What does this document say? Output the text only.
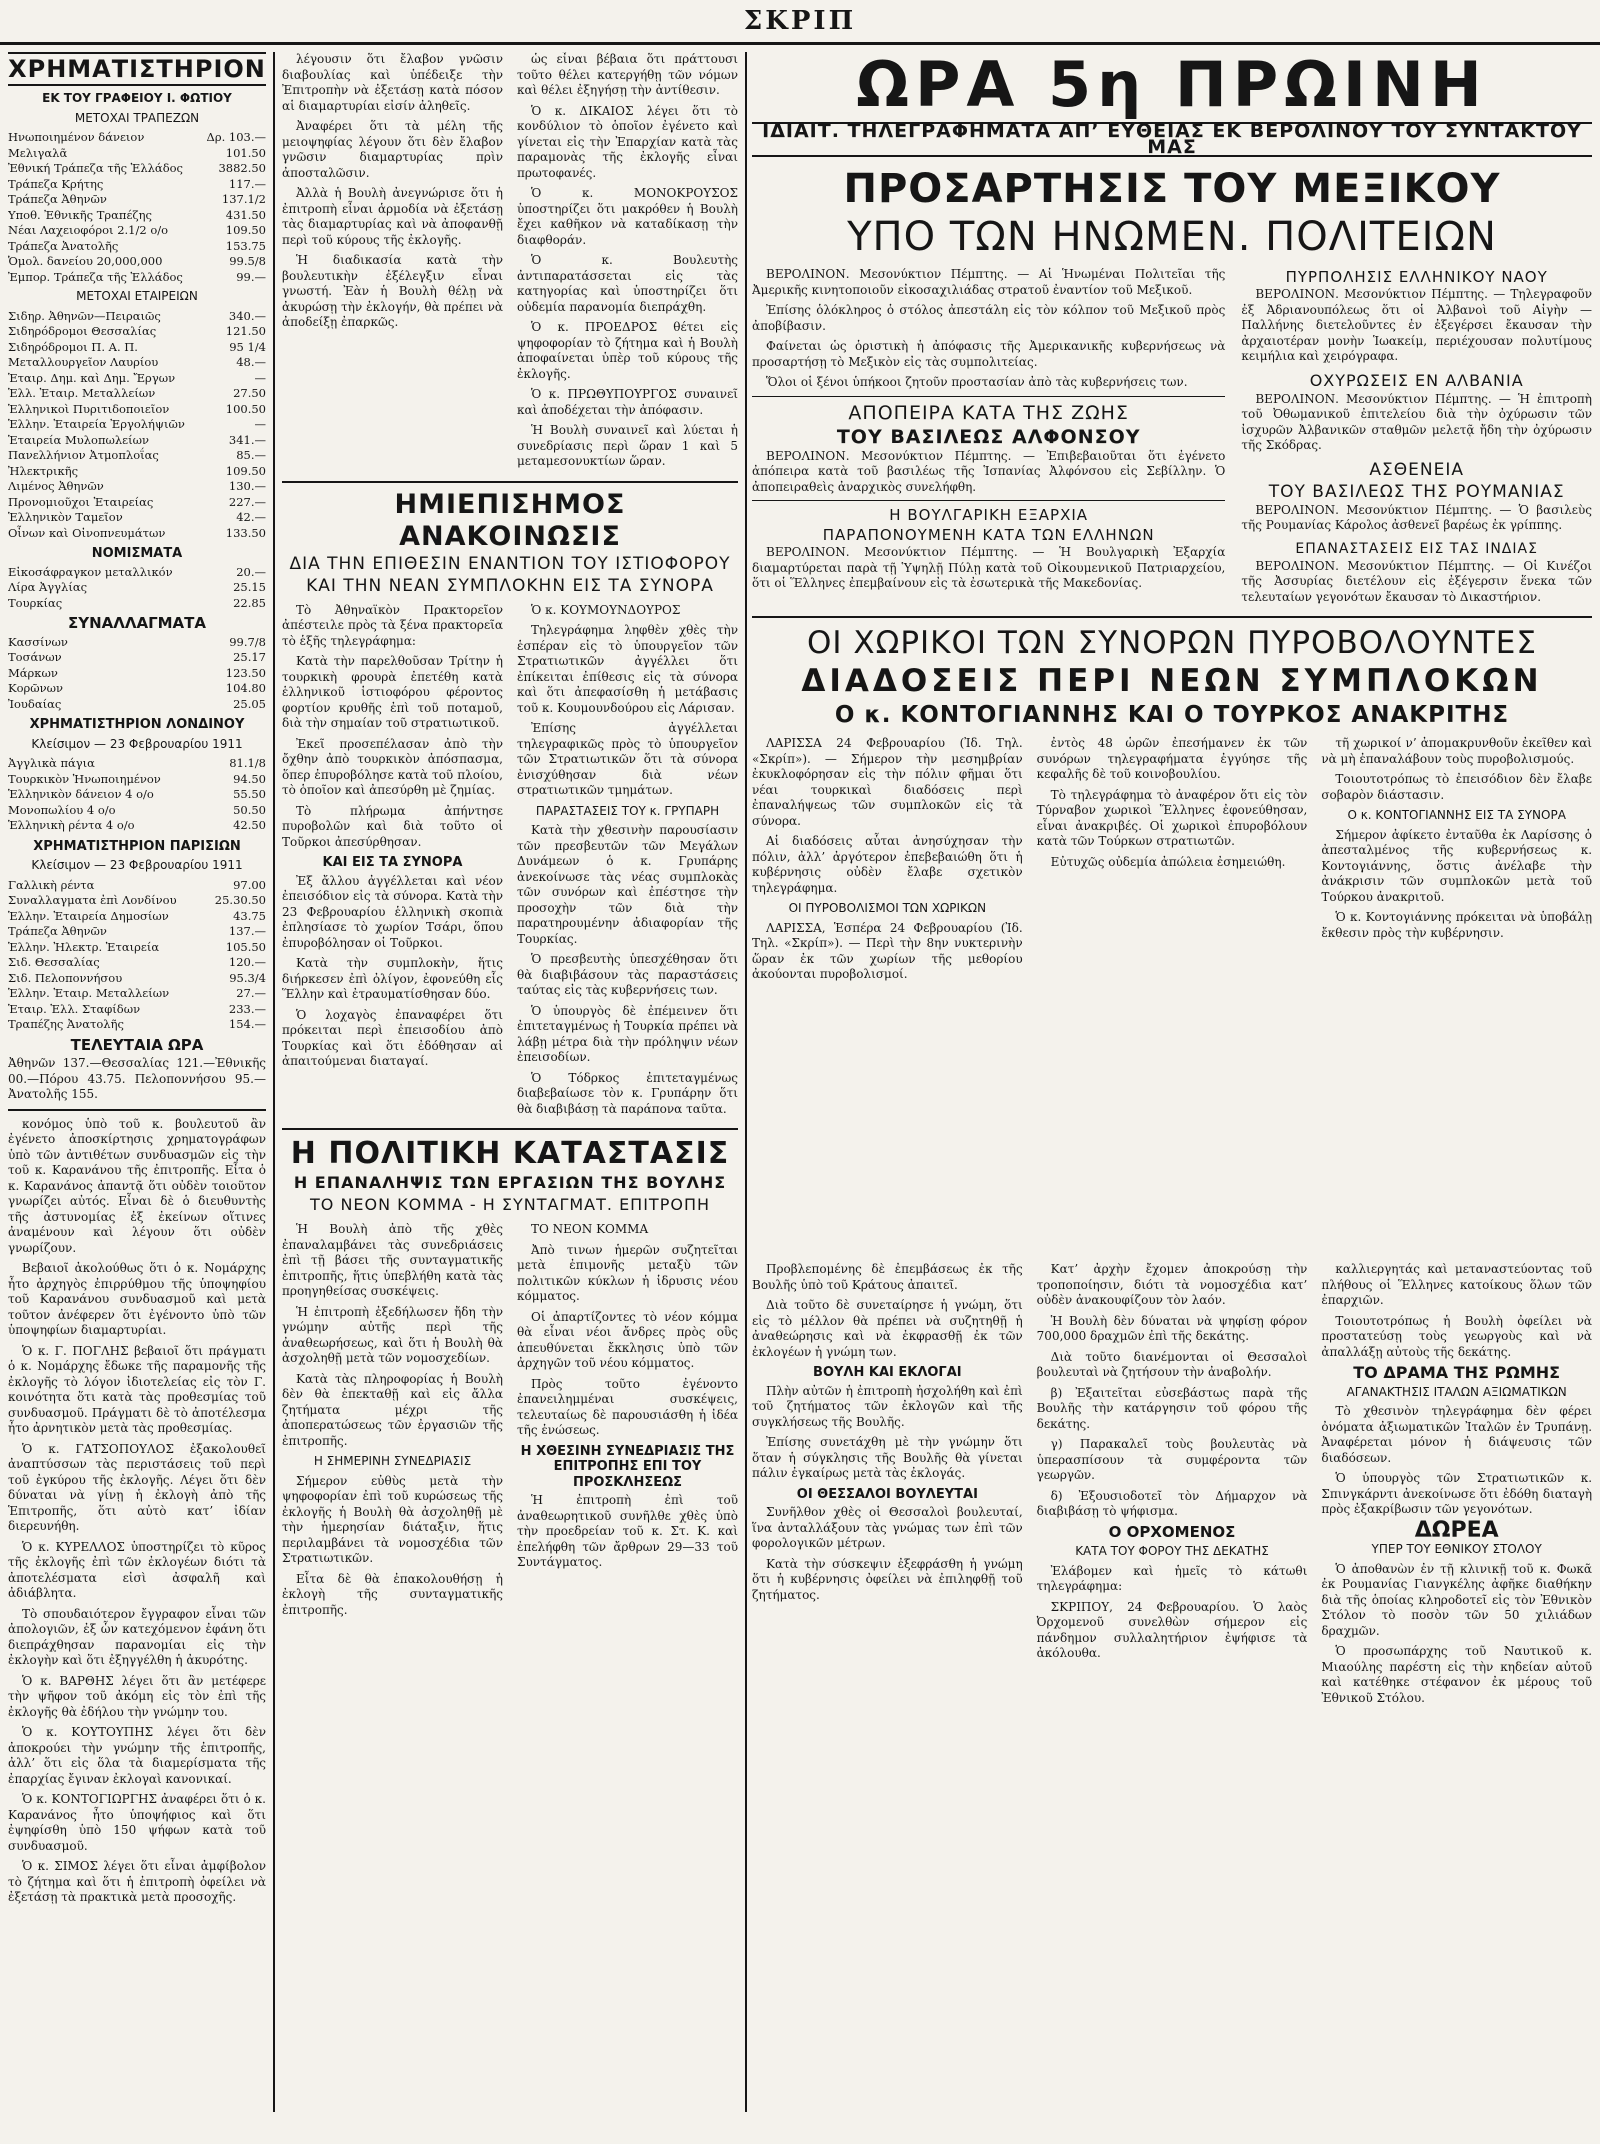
ΣΚΡΙΠ
ΧΡΗΜΑΤΙΣΤΗΡΙΟΝ
ΕΚ ΤΟΥ ΓΡΑΦΕΙΟΥ Ι. ΦΩΤΙΟΥ
ΜΕΤΟΧΑΙ ΤΡΑΠΕΖΩΝ
Ηνωποιημένον δάνειον	Δρ. 103.—
Μελιγαλᾶ	101.50
Ἐθνική Τράπεζα τῆς Ἑλλάδος	3882.50
Τράπεζα Κρήτης	117.—
Τράπεζα Ἀθηνῶν	137.1/2
Υποθ. Ἐθνικῆς Τραπέζης	431.50
Νέαι Λαχειοφόροι 2.1/2 ο/ο	109.50
Τράπεζα Ἀνατολῆς	153.75
Ὁμολ. δανείου 20,000,000	99.5/8
Ἐμπορ. Τράπεζα τῆς Ἑλλάδος	99.—
ΜΕΤΟΧΑΙ ΕΤΑΙΡΕΙΩΝ
Σιδηρ. Ἀθηνῶν—Πειραιῶς	340.—
Σιδηρόδρομοι Θεσσαλίας	121.50
Σιδηρόδρομοι Π. Α. Π.	95 1/4
Μεταλλουργεῖον Λαυρίου	48.—
Ἑταιρ. Δημ. καὶ Δημ. Ἔργων	—
Ἑλλ. Ἑταιρ. Μεταλλείων	27.50
Ἑλληνικοὶ Πυριτιδοποιεῖον	100.50
Ἑλλην. Ἑταιρεία Ἐργολήψιῶν	—
Ἑταιρεία Μυλοπωλείων	341.—
Πανελλήνιον Ἀτμοπλοΐας	85.—
Ἠλεκτρικῆς	109.50
Λιμένος Ἀθηνῶν	130.—
Προνομιοῦχοι Ἑταιρείας	227.—
Ἑλληνικὸν Ταμεῖον	42.—
Οἶνων καὶ Οἰνοπνευμάτων	133.50
ΝΟΜΙΣΜΑΤΑ
Εἰκοσάφραγκον μεταλλικόν	20.—
Λίρα Ἀγγλίας	25.15
Τουρκίας	22.85
ΣΥΝΑΛΛΑΓΜΑΤΑ
Κασσίνων	99.7/8
Τοσάνων	25.17
Μάρκων	123.50
Κορῶνων	104.80
Ἰουδαίας	25.05
ΧΡΗΜΑΤΙΣΤΗΡΙΟΝ ΛΟΝΔΙΝΟΥ
Κλείσιμον — 23 Φεβρουαρίου 1911
Ἀγγλικὰ πάγια	81.1/8
Τουρκικὸν Ἡνωποιημένον	94.50
Ἑλληνικὸν δάνειον 4 ο/ο	55.50
Μονοπωλίου 4 ο/ο	50.50
Ἑλληνικὴ ρέντα 4 ο/ο	42.50
ΧΡΗΜΑΤΙΣΤΗΡΙΟΝ ΠΑΡΙΣΙΩΝ
Κλείσιμον — 23 Φεβρουαρίου 1911
Γαλλικὴ ρέντα	97.00
Συναλλαγματα ἐπὶ Λονδίνου	25.30.50
Ἑλλην. Ἑταιρεία Δημοσίων	43.75
Τράπεζα Ἀθηνῶν	137.—
Ἑλλην. Ἠλεκτρ. Ἑταιρεία	105.50
Σιδ. Θεσσαλίας	120.—
Σιδ. Πελοποννήσου	95.3/4
Ἑλλην. Ἑταιρ. Μεταλλείων	27.—
Ἑταιρ. Ἑλλ. Σταφίδων	233.—
Τραπέζης Ἀνατολῆς	154.—
ΤΕΛΕΥΤΑΙΑ ΩΡΑ

Ἀθηνῶν 137.—Θεσσαλίας 121.—Ἐθνικῆς 00.—Πόρου 43.75. Πελοποννήσου 95.—Ἀνατολῆς 155.

κονόμος ὑπὸ τοῦ κ. βουλευτοῦ ἂν ἐγένετο ἀποσκίρτησις χρηματογράφων ὑπὸ τῶν ἀντιθέτων συνδυασμῶν εἰς τὴν τοῦ κ. Καρανάνου τῆς ἐπιτροπῆς. Εἶτα ὁ κ. Καρανάνος ἀπαντᾷ ὅτι οὐδὲν τοιοῦτον γνωρίζει αὐτός. Εἶναι δὲ ὁ διευθυντὴς τῆς ἀστυνομίας ἐξ ἐκείνων οἵτινες ἀναμένουν καὶ λέγουν ὅτι οὐδὲν γνωρίζουν.

Βεβαιοῖ ἀκολούθως ὅτι ὁ κ. Νομάρχης ἦτο ἀρχηγὸς ἐπιρρύθμου τῆς ὑποψηφίου τοῦ Καρανάνου συνδυασμοῦ καὶ μετὰ τοῦτον ἀνέφερεν ὅτι ἐγένοντο ὑπὸ τῶν ὑποψηφίων διαμαρτυρίαι.

Ὁ κ. Γ. ΠΟΓΛΗΣ βεβαιοῖ ὅτι πράγματι ὁ κ. Νομάρχης ἔδωκε τῆς παραμονῆς τῆς ἐκλογῆς τὸ λόγον ἰδιοτελείας εἰς τὸν Γ. κοινότητα ὅτι κατὰ τὰς προθεσμίας τοῦ συνδυασμοῦ. Πράγματι δὲ τὸ ἀποτέλεσμα ἦτο ἀρνητικὸν μετὰ τὰς προθεσμίας.

Ὁ κ. ΓΑΤΣΟΠΟΥΛΟΣ ἐξακολουθεῖ ἀναπτύσσων τὰς περιστάσεις τοῦ περὶ τοῦ ἐγκύρου τῆς ἐκλογῆς. Λέγει ὅτι δὲν δύναται νὰ γίνῃ ἡ ἐκλογὴ ἀπὸ τῆς Ἑπιτροπῆς, ὅτι αὐτὸ κατ’ ἰδίαν διερευνήθη.

Ὁ κ. ΚΥΡΕΛΛΟΣ ὑποστηρίζει τὸ κῦρος τῆς ἐκλογῆς ἐπὶ τῶν ἐκλογέων διότι τὰ ἀποτελέσματα εἰσὶ ἀσφαλῆ καὶ ἀδιάβλητα.

Τὸ σπουδαιότερον ἔγγραφον εἶναι τῶν ἀπολογιῶν, ἐξ ὧν κατεχόμενον ἐφάνη ὅτι διεπράχθησαν παρανομίαι εἰς τὴν ἐκλογὴν καὶ ὅτι ἐξηγγέλθη ἡ ἀκυρότης.

Ὁ κ. ΒΑΡΘΗΣ λέγει ὅτι ἂν μετέφερε τὴν ψῆφον τοῦ ἀκόμη εἰς τὸν ἐπὶ τῆς ἐκλογῆς θὰ ἐδήλου τὴν γνώμην του.

Ὁ κ. ΚΟΥΤΟΥΠΗΣ λέγει ὅτι δὲν ἀποκρούει τὴν γνώμην τῆς ἐπιτροπῆς, ἀλλ’ ὅτι εἰς ὅλα τὰ διαμερίσματα τῆς ἐπαρχίας ἔγιναν ἐκλογαὶ κανονικαί.

Ὁ κ. ΚΟΝΤΟΓΙΩΡΓΗΣ ἀναφέρει ὅτι ὁ κ. Καρανάνος ἦτο ὑποψήφιος καὶ ὅτι ἐψηφίσθη ὑπὸ 150 ψήφων κατὰ τοῦ συνδυασμοῦ.

Ὁ κ. ΣΙΜΟΣ λέγει ὅτι εἶναι ἀμφίβολον τὸ ζήτημα καὶ ὅτι ἡ ἐπιτροπὴ ὀφείλει νὰ ἐξετάσῃ τὰ πρακτικὰ μετὰ προσοχῆς.

λέγουσιν ὅτι ἔλαβον γνῶσιν διαβουλίας καὶ ὑπέδειξε τὴν Ἐπιτροπὴν νὰ ἐξετάσῃ κατὰ πόσον αἱ διαμαρτυρίαι εἰσίν ἀληθεῖς.

Ἀναφέρει ὅτι τὰ μέλη τῆς μειοψηφίας λέγουν ὅτι δὲν ἔλαβον γνῶσιν διαμαρτυρίας πρὶν ἀποσταλῶσιν.

Ἀλλὰ ἡ Βουλὴ ἀνεγνώρισε ὅτι ἡ ἐπιτροπὴ εἶναι ἁρμοδία νὰ ἐξετάσῃ τὰς διαμαρτυρίας καὶ νὰ ἀποφανθῇ περὶ τοῦ κύρους τῆς ἐκλογῆς.

Ἡ διαδικασία κατὰ τὴν βουλευτικὴν ἐξέλεγξιν εἶναι γνωστή. Ἐὰν ἡ Βουλὴ θέλῃ νὰ ἀκυρώσῃ τὴν ἐκλογήν, θὰ πρέπει νὰ ἀποδείξῃ ἐπαρκῶς.

ὡς εἶναι βέβαια ὅτι πράττουσι τοῦτο θέλει κατεργήθῃ τῶν νόμων καὶ θέλει ἐξηγήσῃ τὴν ἀντίθεσιν.

Ὁ κ. ΔΙΚΑΙΟΣ λέγει ὅτι τὸ κονδύλιον τὸ ὁποῖον ἐγένετο καὶ γίνεται εἰς τὴν Ἐπαρχίαν κατὰ τὰς παραμονὰς τῆς ἐκλογῆς εἶναι πρωτοφανές.

Ὁ κ. ΜΟΝΟΚΡΟΥΣΟΣ ὑποστηρίζει ὅτι μακρόθεν ἡ Βουλὴ ἔχει καθῆκον νὰ καταδίκασῃ τὴν διαφθοράν.

Ὁ κ. Βουλευτὴς ἀντιπαρατάσσεται εἰς τὰς κατηγορίας καὶ ὑποστηρίζει ὅτι οὐδεμία παρανομία διεπράχθη.

Ὁ κ. ΠΡΟΕΔΡΟΣ θέτει εἰς ψηφοφορίαν τὸ ζήτημα καὶ ἡ Βουλὴ ἀποφαίνεται ὑπὲρ τοῦ κύρους τῆς ἐκλογῆς.

Ὁ κ. ΠΡΩΘΥΠΟΥΡΓΟΣ συναινεῖ καὶ ἀποδέχεται τὴν ἀπόφασιν.

Ἡ Βουλὴ συναινεῖ καὶ λύεται ἡ συνεδρίασις περὶ ὥραν 1 καὶ 5 μεταμεσονυκτίων ὥραν.

ΗΜΙΕΠΙΣΗΜΟΣ ΑΝΑΚΟΙΝΩΣΙΣ
ΔΙΑ ΤΗΝ ΕΠΙΘΕΣΙΝ ΕΝΑΝΤΙΟΝ ΤΟΥ ΙΣΤΙΟΦΟΡΟΥ
ΚΑΙ ΤΗΝ ΝΕΑΝ ΣΥΜΠΛΟΚΗΝ ΕΙΣ ΤΑ ΣΥΝΟΡΑ

Τὸ Ἀθηναϊκὸν Πρακτορεῖον ἀπέστειλε πρὸς τὰ ξένα πρακτορεῖα τὸ ἑξῆς τηλεγράφημα:

Κατὰ τὴν παρελθοῦσαν Τρίτην ἡ τουρκικὴ φρουρὰ ἐπετέθη κατὰ ἑλληνικοῦ ἱστιοφόρου φέροντος φορτίον κρυθῆς ἐπὶ τοῦ ποταμοῦ, διὰ τὴν σημαίαν τοῦ στρατιωτικοῦ.

Ἐκεῖ προσεπέλασαν ἀπὸ τὴν ὄχθην ἀπὸ τουρκικὸν ἀπόσπασμα, ὅπερ ἐπυροβόλησε κατὰ τοῦ πλοίου, τὸ ὁποῖον καὶ ἀπεσύρθη μὲ ζημίας.

Τὸ πλήρωμα ἀπήντησε πυροβολῶν καὶ διὰ τοῦτο οἱ Τοῦρκοι ἀπεσύρθησαν.

ΚΑΙ ΕΙΣ ΤΑ ΣΥΝΟΡΑ

Ἐξ ἄλλου ἀγγέλλεται καὶ νέον ἐπεισόδιον εἰς τὰ σύνορα. Κατὰ τὴν 23 Φεβρουαρίου ἑλληνικὴ σκοπιὰ ἐπλησίασε τὸ χωρίον Τσάρι, ὅπου ἐπυροβόλησαν οἱ Τοῦρκοι.

Κατὰ τὴν συμπλοκὴν, ἥτις διήρκεσεν ἐπὶ ὀλίγον, ἐφονεύθη εἷς Ἕλλην καὶ ἐτραυματίσθησαν δύο.

Ὁ λοχαγὸς ἐπαναφέρει ὅτι πρόκειται περὶ ἐπεισοδίου ἀπὸ Τουρκίας καὶ ὅτι ἐδόθησαν αἱ ἀπαιτούμεναι διαταγαί.

Ὁ κ. ΚΟΥΜΟΥΝΔΟΥΡΟΣ

Τηλεγράφημα ληφθὲν χθὲς τὴν ἑσπέραν εἰς τὸ ὑπουργεῖον τῶν Στρατιωτικῶν ἀγγέλλει ὅτι ἐπίκειται ἐπίθεσις εἰς τὰ σύνορα καὶ ὅτι ἀπεφασίσθη ἡ μετάβασις τοῦ κ. Κουμουνδούρου εἰς Λάρισαν.

Ἐπίσης ἀγγέλλεται τηλεγραφικῶς πρὸς τὸ ὑπουργεῖον τῶν Στρατιωτικῶν ὅτι τὰ σύνορα ἐνισχύθησαν διὰ νέων στρατιωτικῶν τμημάτων.

ΠΑΡΑΣΤΑΣΕΙΣ ΤΟΥ κ. ΓΡΥΠΑΡΗ

Κατὰ τὴν χθεσινὴν παρουσίασιν τῶν πρεσβευτῶν τῶν Μεγάλων Δυνάμεων ὁ κ. Γρυπάρης ἀνεκοίνωσε τὰς νέας συμπλοκὰς τῶν συνόρων καὶ ἐπέστησε τὴν προσοχὴν τῶν διὰ τὴν παρατηρουμένην ἀδιαφορίαν τῆς Τουρκίας.

Ὁ πρεσβευτὴς ὑπεσχέθησαν ὅτι θὰ διαβιβάσουν τὰς παραστάσεις ταύτας εἰς τὰς κυβερνήσεις των.

Ὁ ὑπουργὸς δὲ ἐπέμεινεν ὅτι ἐπιτεταγμένως ἡ Τουρκία πρέπει νὰ λάβῃ μέτρα διὰ τὴν πρόληψιν νέων ἐπεισοδίων.

Ὁ Τόδρκος ἐπιτεταγμένως διαβεβαίωσε τὸν κ. Γρυπάρην ὅτι θὰ διαβιβάσῃ τὰ παράπονα ταῦτα.

Η ΠΟΛΙΤΙΚΗ ΚΑΤΑΣΤΑΣΙΣ
Η ΕΠΑΝΑΛΗΨΙΣ ΤΩΝ ΕΡΓΑΣΙΩΝ ΤΗΣ ΒΟΥΛΗΣ
ΤΟ ΝΕΟΝ ΚΟΜΜΑ - Η ΣΥΝΤΑΓΜΑΤ. ΕΠΙΤΡΟΠΗ

Ἡ Βουλὴ ἀπὸ τῆς χθὲς ἐπαναλαμβάνει τὰς συνεδριάσεις ἐπὶ τῇ βάσει τῆς συνταγματικῆς ἐπιτροπῆς, ἥτις ὑπεβλήθη κατὰ τὰς προηγηθείσας συσκέψεις.

Ἡ ἐπιτροπὴ ἐξεδήλωσεν ἤδη τὴν γνώμην αὐτῆς περὶ τῆς ἀναθεωρήσεως, καὶ ὅτι ἡ Βουλὴ θὰ ἀσχοληθῇ μετὰ τῶν νομοσχεδίων.

Κατὰ τὰς πληροφορίας ἡ Βουλὴ δὲν θὰ ἐπεκταθῇ καὶ εἰς ἄλλα ζητήματα μέχρι τῆς ἀποπερατώσεως τῶν ἐργασιῶν τῆς ἐπιτροπῆς.

Η ΣΗΜΕΡΙΝΗ ΣΥΝΕΔΡΙΑΣΙΣ

Σήμερον εὐθὺς μετὰ τὴν ψηφοφορίαν ἐπὶ τοῦ κυρώσεως τῆς ἐκλογῆς ἡ Βουλὴ θὰ ἀσχοληθῇ μὲ τὴν ἡμερησίαν διάταξιν, ἥτις περιλαμβάνει τὰ νομοσχέδια τῶν Στρατιωτικῶν.

Εἶτα δὲ θὰ ἐπακολουθήσῃ ἡ ἐκλογὴ τῆς συνταγματικῆς ἐπιτροπῆς.

ΤΟ ΝΕΟΝ ΚΟΜΜΑ

Ἀπὸ τινων ἡμερῶν συζητεῖται μετὰ ἐπιμονῆς μεταξὺ τῶν πολιτικῶν κύκλων ἡ ἱδρυσις νέου κόμματος.

Οἱ ἀπαρτίζοντες τὸ νέον κόμμα θὰ εἶναι νέοι ἄνδρες πρὸς οὓς ἀπευθύνεται ἔκκλησις ὑπὸ τῶν ἀρχηγῶν τοῦ νέου κόμματος.

Πρὸς τοῦτο ἐγένοντο ἐπανειλημμέναι συσκέψεις, τελευταίως δὲ παρουσιάσθη ἡ ἰδέα τῆς ἑνώσεως.

Η ΧΘΕΣΙΝΗ ΣΥΝΕΔΡΙΑΣΙΣ ΤΗΣ ΕΠΙΤΡΟΠΗΣ ΕΠΙ ΤΟΥ ΠΡΟΣΚΛΗΣΕΩΣ

Ἡ ἐπιτροπὴ ἐπὶ τοῦ ἀναθεωρητικοῦ συνῆλθε χθὲς ὑπὸ τὴν προεδρείαν τοῦ κ. Στ. Κ. καὶ ἐπελήφθη τῶν ἄρθρων 29—33 τοῦ Συντάγματος.

ΩΡΑ 5η ΠΡΩΙΝΗ
ΙΔΙΑΙΤ. ΤΗΛΕΓΡΑΦΗΜΑΤΑ ΑΠ’ ΕΥΘΕΙΑΣ ΕΚ ΒΕΡΟΛΙΝΟΥ ΤΟΥ ΣΥΝΤΑΚΤΟΥ ΜΑΣ
ΠΡΟΣΑΡΤΗΣΙΣ ΤΟΥ ΜΕΞΙΚΟΥ
ΥΠΟ ΤΩΝ ΗΝΩΜΕΝ. ΠΟΛΙΤΕΙΩΝ

ΒΕΡΟΛΙΝΟΝ. Μεσονύκτιον Πέμπτης. — Αἱ Ἡνωμέναι Πολιτεῖαι τῆς Ἀμερικῆς κινητοποιοῦν εἰκοσαχιλιάδας στρατοῦ ἐναντίον τοῦ Μεξικοῦ.

Ἐπίσης ὁλόκληρος ὁ στόλος ἀπεστάλη εἰς τὸν κόλπον τοῦ Μεξικοῦ πρὸς ἀποβίβασιν.

Φαίνεται ὡς ὁριστικὴ ἡ ἀπόφασις τῆς Ἀμερικανικῆς κυβερνήσεως νὰ προσαρτήσῃ τὸ Μεξικὸν εἰς τὰς συμπολιτείας.

Ὅλοι οἱ ξένοι ὑπήκοοι ζητοῦν προστασίαν ἀπὸ τὰς κυβερνήσεις των.

ΑΠΟΠΕΙΡΑ ΚΑΤΑ ΤΗΣ ΖΩΗΣ
ΤΟΥ ΒΑΣΙΛΕΩΣ ΑΛΦΟΝΣΟΥ

ΒΕΡΟΛΙΝΟΝ. Μεσονύκτιον Πέμπτης. — Ἐπιβεβαιοῦται ὅτι ἐγένετο ἀπόπειρα κατὰ τοῦ βασιλέως τῆς Ἱσπανίας Ἀλφόνσου εἰς Σεβίλλην. Ὁ ἀποπειραθεὶς ἀναρχικὸς συνελήφθη.

Η ΒΟΥΛΓΑΡΙΚΗ ΕΞΑΡΧΙΑ
ΠΑΡΑΠΟΝΟΥΜΕΝΗ ΚΑΤΑ ΤΩΝ ΕΛΛΗΝΩΝ

ΒΕΡΟΛΙΝΟΝ. Μεσονύκτιον Πέμπτης. — Ἡ Βουλγαρικὴ Ἐξαρχία διαμαρτύρεται παρὰ τῇ Ὑψηλῇ Πύλῃ κατὰ τοῦ Οἰκουμενικοῦ Πατριαρχείου, ὅτι οἱ Ἕλληνες ἐπεμβαίνουν εἰς τὰ ἐσωτερικὰ τῆς Μακεδονίας.

ΠΥΡΠΟΛΗΣΙΣ ΕΛΛΗΝΙΚΟΥ ΝΑΟΥ

ΒΕΡΟΛΙΝΟΝ. Μεσονύκτιον Πέμπτης. — Τηλεγραφοῦν ἐξ Ἀδριανουπόλεως ὅτι οἱ Ἀλβανοὶ τοῦ Αἰγὴν — Παλλήνης διετελοῦντες ἐν ἐξεγέρσει ἔκαυσαν τὴν ἀρχαιοτέραν μονὴν Ἱωακείμ, περιέχουσαν πολυτίμους κειμήλια καὶ χειρόγραφα.

ΟΧΥΡΩΣΕΙΣ ΕΝ ΑΛΒΑΝΙΑ

ΒΕΡΟΛΙΝΟΝ. Μεσονύκτιον Πέμπτης. — Ἡ ἐπιτροπὴ τοῦ Ὀθωμανικοῦ ἐπιτελείου διὰ τὴν ὀχύρωσιν τῶν ἰσχυρῶν Ἀλβανικῶν σταθμῶν μελετᾷ ἤδη τὴν ὀχύρωσιν τῆς Σκόδρας.

ΑΣΘΕΝΕΙΑ
ΤΟΥ ΒΑΣΙΛΕΩΣ ΤΗΣ ΡΟΥΜΑΝΙΑΣ

ΒΕΡΟΛΙΝΟΝ. Μεσονύκτιον Πέμπτης. — Ὁ βασιλεὺς τῆς Ρουμανίας Κάρολος ἀσθενεῖ βαρέως ἐκ γρίππης.

ΕΠΑΝΑΣΤΑΣΕΙΣ ΕΙΣ ΤΑΣ ΙΝΔΙΑΣ

ΒΕΡΟΛΙΝΟΝ. Μεσονύκτιον Πέμπτης. — Οἱ Κινέζοι τῆς Ἀσσυρίας διετέλουν εἰς ἐξέγερσιν ἕνεκα τῶν τελευταίων γεγονότων ἔκαυσαν τὸ Δικαστήριον.

ΟΙ ΧΩΡΙΚΟΙ ΤΩΝ ΣΥΝΟΡΩΝ ΠΥΡΟΒΟΛΟΥΝΤΕΣ
ΔΙΑΔΟΣΕΙΣ ΠΕΡΙ ΝΕΩΝ ΣΥΜΠΛΟΚΩΝ
Ο κ. ΚΟΝΤΟΓΙΑΝΝΗΣ ΚΑΙ Ο ΤΟΥΡΚΟΣ ΑΝΑΚΡΙΤΗΣ

ΛΑΡΙΣΣΑ 24 Φεβρουαρίου (Ἰδ. Τηλ. «Σκρίπ»). — Σήμερον τὴν μεσημβρίαν ἐκυκλοφόρησαν εἰς τὴν πόλιν φῆμαι ὅτι νέαι τουρκικαὶ διαδόσεις περὶ ἐπαναλήψεως τῶν συμπλοκῶν εἰς τὰ σύνορα.

Αἱ διαδόσεις αὗται ἀνησύχησαν τὴν πόλιν, ἀλλ’ ἀργότερον ἐπεβεβαιώθη ὅτι ἡ κυβέρνησις οὐδὲν ἔλαβε σχετικὸν τηλεγράφημα.

ΟΙ ΠΥΡΟΒΟΛΙΣΜΟΙ ΤΩΝ ΧΩΡΙΚΩΝ

ΛΑΡΙΣΣΑ, Ἑσπέρα 24 Φεβρουαρίου (Ἰδ. Τηλ. «Σκρίπ»). — Περὶ τὴν 8ην νυκτερινὴν ὥραν ἐκ τῶν χωρίων τῆς μεθορίου ἀκούονται πυροβολισμοί.

ἐντὸς 48 ὡρῶν ἐπεσήμανεν ἐκ τῶν συνόρων τηλεγραφήματα ἐγγύησε τῆς κεφαλῆς δὲ τοῦ κοινοβουλίου.

Τὸ τηλεγράφημα τὸ ἀναφέρον ὅτι εἰς τὸν Τύρναβον χωρικοὶ Ἕλληνες ἐφονεύθησαν, εἶναι ἀνακριβές. Οἱ χωρικοὶ ἐπυροβόλουν κατὰ τῶν Τούρκων στρατιωτῶν.

Εὐτυχῶς οὐδεμία ἀπώλεια ἐσημειώθη.

τῆ χωρικοί ν’ ἀπομακρυνθοῦν ἐκεῖθεν καὶ νὰ μὴ ἐπαναλάβουν τοὺς πυροβολισμούς.

Τοιουτοτρόπως τὸ ἐπεισόδιον δὲν ἔλαβε σοβαρὸν διάστασιν.

Ο κ. ΚΟΝΤΟΓΙΑΝΝΗΣ ΕΙΣ ΤΑ ΣΥΝΟΡΑ

Σήμερον ἀφίκετο ἐνταῦθα ἐκ Λαρίσσης ὁ ἀπεσταλμένος τῆς κυβερνήσεως κ. Κοντογιάννης, ὅστις ἀνέλαβε τὴν ἀνάκρισιν τῶν συμπλοκῶν μετὰ τοῦ Τούρκου ἀνακριτοῦ.

Ὁ κ. Κοντογιάννης πρόκειται νὰ ὑποβάλῃ ἔκθεσιν πρὸς τὴν κυβέρνησιν.

Προβλεπομένης δὲ ἐπεμβάσεως ἐκ τῆς Βουλῆς ὑπὸ τοῦ Κράτους ἀπαιτεῖ.

Διὰ τοῦτο δὲ συνεταίρησε ἡ γνώμη, ὅτι εἰς τὸ μέλλον θὰ πρέπει νὰ συζητηθῇ ἡ ἀναθεώρησις καὶ νὰ ἐκφρασθῇ ἐκ τῶν ἐκλογέων ἡ γνώμη των.

ΒΟΥΛΗ ΚΑΙ ΕΚΛΟΓΑΙ

Πλὴν αὐτῶν ἡ ἐπιτροπὴ ἠσχολήθη καὶ ἐπὶ τοῦ ζητήματος τῶν ἐκλογῶν καὶ τῆς συγκλήσεως τῆς Βουλῆς.

Ἐπίσης συνετάχθη μὲ τὴν γνώμην ὅτι ὅταν ἡ σύγκλησις τῆς Βουλῆς θὰ γίνεται πάλιν ἐγκαίρως μετὰ τὰς ἐκλογάς.

ΟΙ ΘΕΣΣΑΛΟΙ ΒΟΥΛΕΥΤΑΙ

Συνῆλθον χθὲς οἱ Θεσσαλοὶ βουλευταί, ἵνα ἀνταλλάξουν τὰς γνώμας των ἐπὶ τῶν φορολογικῶν μέτρων.

Κατὰ τὴν σύσκεψιν ἐξεφράσθη ἡ γνώμη ὅτι ἡ κυβέρνησις ὀφείλει νὰ ἐπιληφθῇ τοῦ ζητήματος.

Κατ’ ἀρχὴν ἔχομεν ἀποκρούσῃ τὴν τροποποίησιν, διότι τὰ νομοσχέδια κατ’ οὐδὲν ἀνακουφίζουν τὸν λαόν.

Ἡ Βουλὴ δὲν δύναται νὰ ψηφίσῃ φόρον 700,000 δραχμῶν ἐπὶ τῆς δεκάτης.

Διὰ τοῦτο διανέμονται οἱ Θεσσαλοὶ βουλευταὶ νὰ ζητήσουν τὴν ἀναβολήν.

β) Ἐξαιτεῖται εὐσεβάστως παρὰ τῆς Βουλῆς τὴν κατάργησιν τοῦ φόρου τῆς δεκάτης.

γ) Παρακαλεῖ τοὺς βουλευτὰς νὰ ὑπερασπίσουν τὰ συμφέροντα τῶν γεωργῶν.

δ) Ἐξουσιοδοτεῖ τὸν Δήμαρχον νὰ διαβιβάσῃ τὸ ψήφισμα.

Ο ΟΡΧΟΜΕΝΟΣ
ΚΑΤΑ ΤΟΥ ΦΟΡΟΥ ΤΗΣ ΔΕΚΑΤΗΣ

Ἐλάβομεν καὶ ἡμεῖς τὸ κάτωθι τηλεγράφημα:

ΣΚΡΙΠΟΥ, 24 Φεβρουαρίου. Ὁ λαὸς Ὀρχομενοῦ συνελθὼν σήμερον εἰς πάνδημον συλλαλητήριον ἐψήφισε τὰ ἀκόλουθα.

καλλιεργητάς καὶ μεταναστεύοντας τοῦ πλήθους οἱ Ἕλληνες κατοίκους ὅλων τῶν ἐπαρχιῶν.

Τοιουτοτρόπως ἡ Βουλὴ ὀφείλει νὰ προστατεύσῃ τοὺς γεωργοὺς καὶ νὰ ἀπαλλάξῃ αὐτοὺς τῆς δεκάτης.

ΤΟ ΔΡΑΜΑ ΤΗΣ ΡΩΜΗΣ
ΑΓΑΝΑΚΤΗΣΙΣ ΙΤΑΛΩΝ ΑΞΙΩΜΑΤΙΚΩΝ

Τὸ χθεσινὸν τηλεγράφημα δὲν φέρει ὀνόματα ἀξιωματικῶν Ἰταλῶν ἐν Τρυπάνῃ. Ἀναφέρεται μόνον ἡ διάψευσις τῶν διαδόσεων.

Ὁ ὑπουργὸς τῶν Στρατιωτικῶν κ. Σπινγκάρντι ἀνεκοίνωσε ὅτι ἐδόθη διαταγὴ πρὸς ἐξακρίβωσιν τῶν γεγονότων.

ΔΩΡΕΑ
ΥΠΕΡ ΤΟΥ ΕΘΝΙΚΟΥ ΣΤΟΛΟΥ

Ὁ ἀποθανὼν ἐν τῇ κλινικῇ τοῦ κ. Φωκᾶ ἐκ Ρουμανίας Γιανγκέλης ἀφῆκε διαθήκην διὰ τῆς ὁποίας κληροδοτεῖ εἰς τὸν Ἐθνικὸν Στόλον τὸ ποσὸν τῶν 50 χιλιάδων δραχμῶν.

Ὁ προσωπάρχης τοῦ Ναυτικοῦ κ. Μιαούλης παρέστη εἰς τὴν κηδείαν αὐτοῦ καὶ κατέθηκε στέφανον ἐκ μέρους τοῦ Ἐθνικοῦ Στόλου.
